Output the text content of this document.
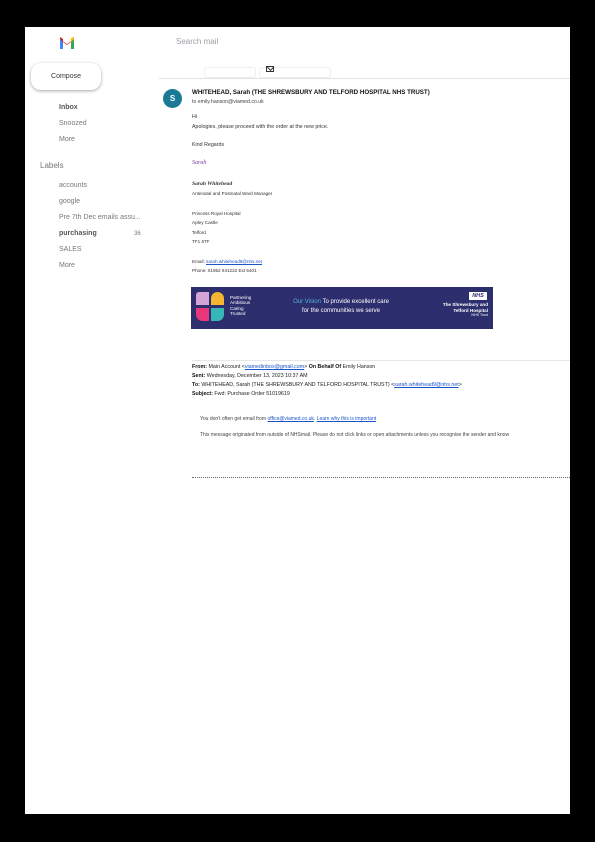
Search mail
Compose
Inbox
Snoozed
More
Labels
accounts
google
Pre 7th Dec emails assu...
purchasing	36
SALES
More
S
WHITEHEAD, Sarah (THE SHREWSBURY AND TELFORD HOSPITAL NHS TRUST)
to emily.hanson@viamed.co.uk
Hi
Apologies, please proceed with the order at the new price.
Kind Regards
Sarah
Sarah Whitehead
Antenatal and Postnatal Ward Manager
Princess Royal Hospital
Apley Castle
Telford
TF1 6TF
Email: sarah.whitehead9@nhs.net
Phone: 01952 641222 Ext 5401
Partnering
Ambitious
Caring
Trusted
Our Vision To provide excellent care
for the communities we serve
NHS
The Shrewsbury and
Telford Hospital
NHS Trust
From: Main Account <viamedinbox@gmail.com> On Behalf Of Emily Hanson
Sent: Wednesday, December 13, 2023 10:37 AM
To: WHITEHEAD, Sarah (THE SHREWSBURY AND TELFORD HOSPITAL TRUST) <sarah.whitehead9@nhs.net>
Subject: Fwd: Purchase Order 51019619
You don't often get email from office@viamed.co.uk. Learn why this is important
This message originated from outside of NHSmail. Please do not click links or open attachments unless you recognise the sender and know
